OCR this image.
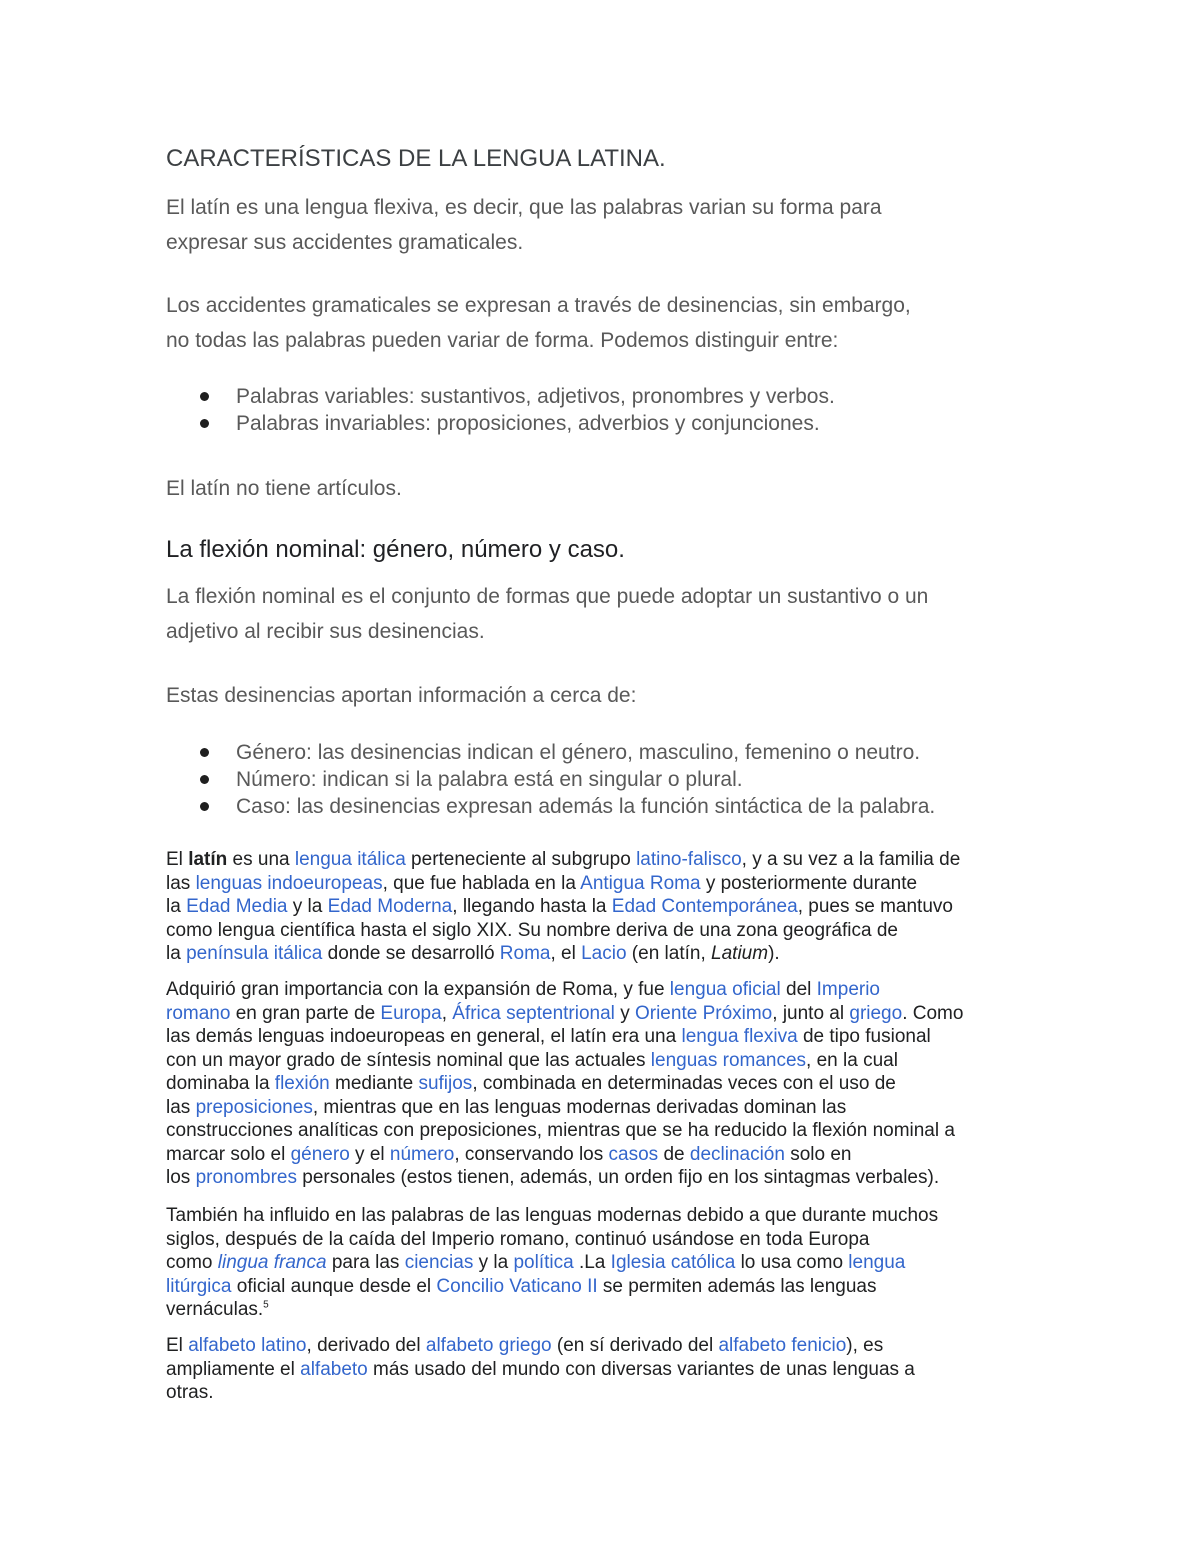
CARACTERÍSTICAS DE LA LENGUA LATINA.
El latín es una lengua flexiva, es decir, que las palabras varian su forma para
expresar sus accidentes gramaticales.
Los accidentes gramaticales se expresan a través de desinencias, sin embargo,
no todas las palabras pueden variar de forma. Podemos distinguir entre:
Palabras variables: sustantivos, adjetivos, pronombres y verbos.
Palabras invariables: proposiciones, adverbios y conjunciones.
El latín no tiene artículos.
La flexión nominal: género, número y caso.
La flexión nominal es el conjunto de formas que puede adoptar un sustantivo o un
adjetivo al recibir sus desinencias.
Estas desinencias aportan información a cerca de:
Género: las desinencias indican el género, masculino, femenino o neutro.
Número: indican si la palabra está en singular o plural.
Caso: las desinencias expresan además la función sintáctica de la palabra.
El latín es una lengua itálica perteneciente al subgrupo latino-falisco, y a su vez a la familia de
las lenguas indoeuropeas, que fue hablada en la Antigua Roma y posteriormente durante
la Edad Media y la Edad Moderna, llegando hasta la Edad Contemporánea, pues se mantuvo
como lengua científica hasta el siglo XIX. Su nombre deriva de una zona geográfica de
la península itálica donde se desarrolló Roma, el Lacio (en latín, Latium).
Adquirió gran importancia con la expansión de Roma, y fue lengua oficial del Imperio
romano en gran parte de Europa, África septentrional y Oriente Próximo, junto al griego. Como
las demás lenguas indoeuropeas en general, el latín era una lengua flexiva de tipo fusional
con un mayor grado de síntesis nominal que las actuales lenguas romances, en la cual
dominaba la flexión mediante sufijos, combinada en determinadas veces con el uso de
las preposiciones, mientras que en las lenguas modernas derivadas dominan las
construcciones analíticas con preposiciones, mientras que se ha reducido la flexión nominal a
marcar solo el género y el número, conservando los casos de declinación solo en
los pronombres personales (estos tienen, además, un orden fijo en los sintagmas verbales).
También ha influido en las palabras de las lenguas modernas debido a que durante muchos
siglos, después de la caída del Imperio romano, continuó usándose en toda Europa
como lingua franca para las ciencias y la política .La Iglesia católica lo usa como lengua
litúrgica oficial aunque desde el Concilio Vaticano II se permiten además las lenguas
vernáculas.$^5$
El alfabeto latino, derivado del alfabeto griego (en sí derivado del alfabeto fenicio), es
ampliamente el alfabeto más usado del mundo con diversas variantes de unas lenguas a
otras.
